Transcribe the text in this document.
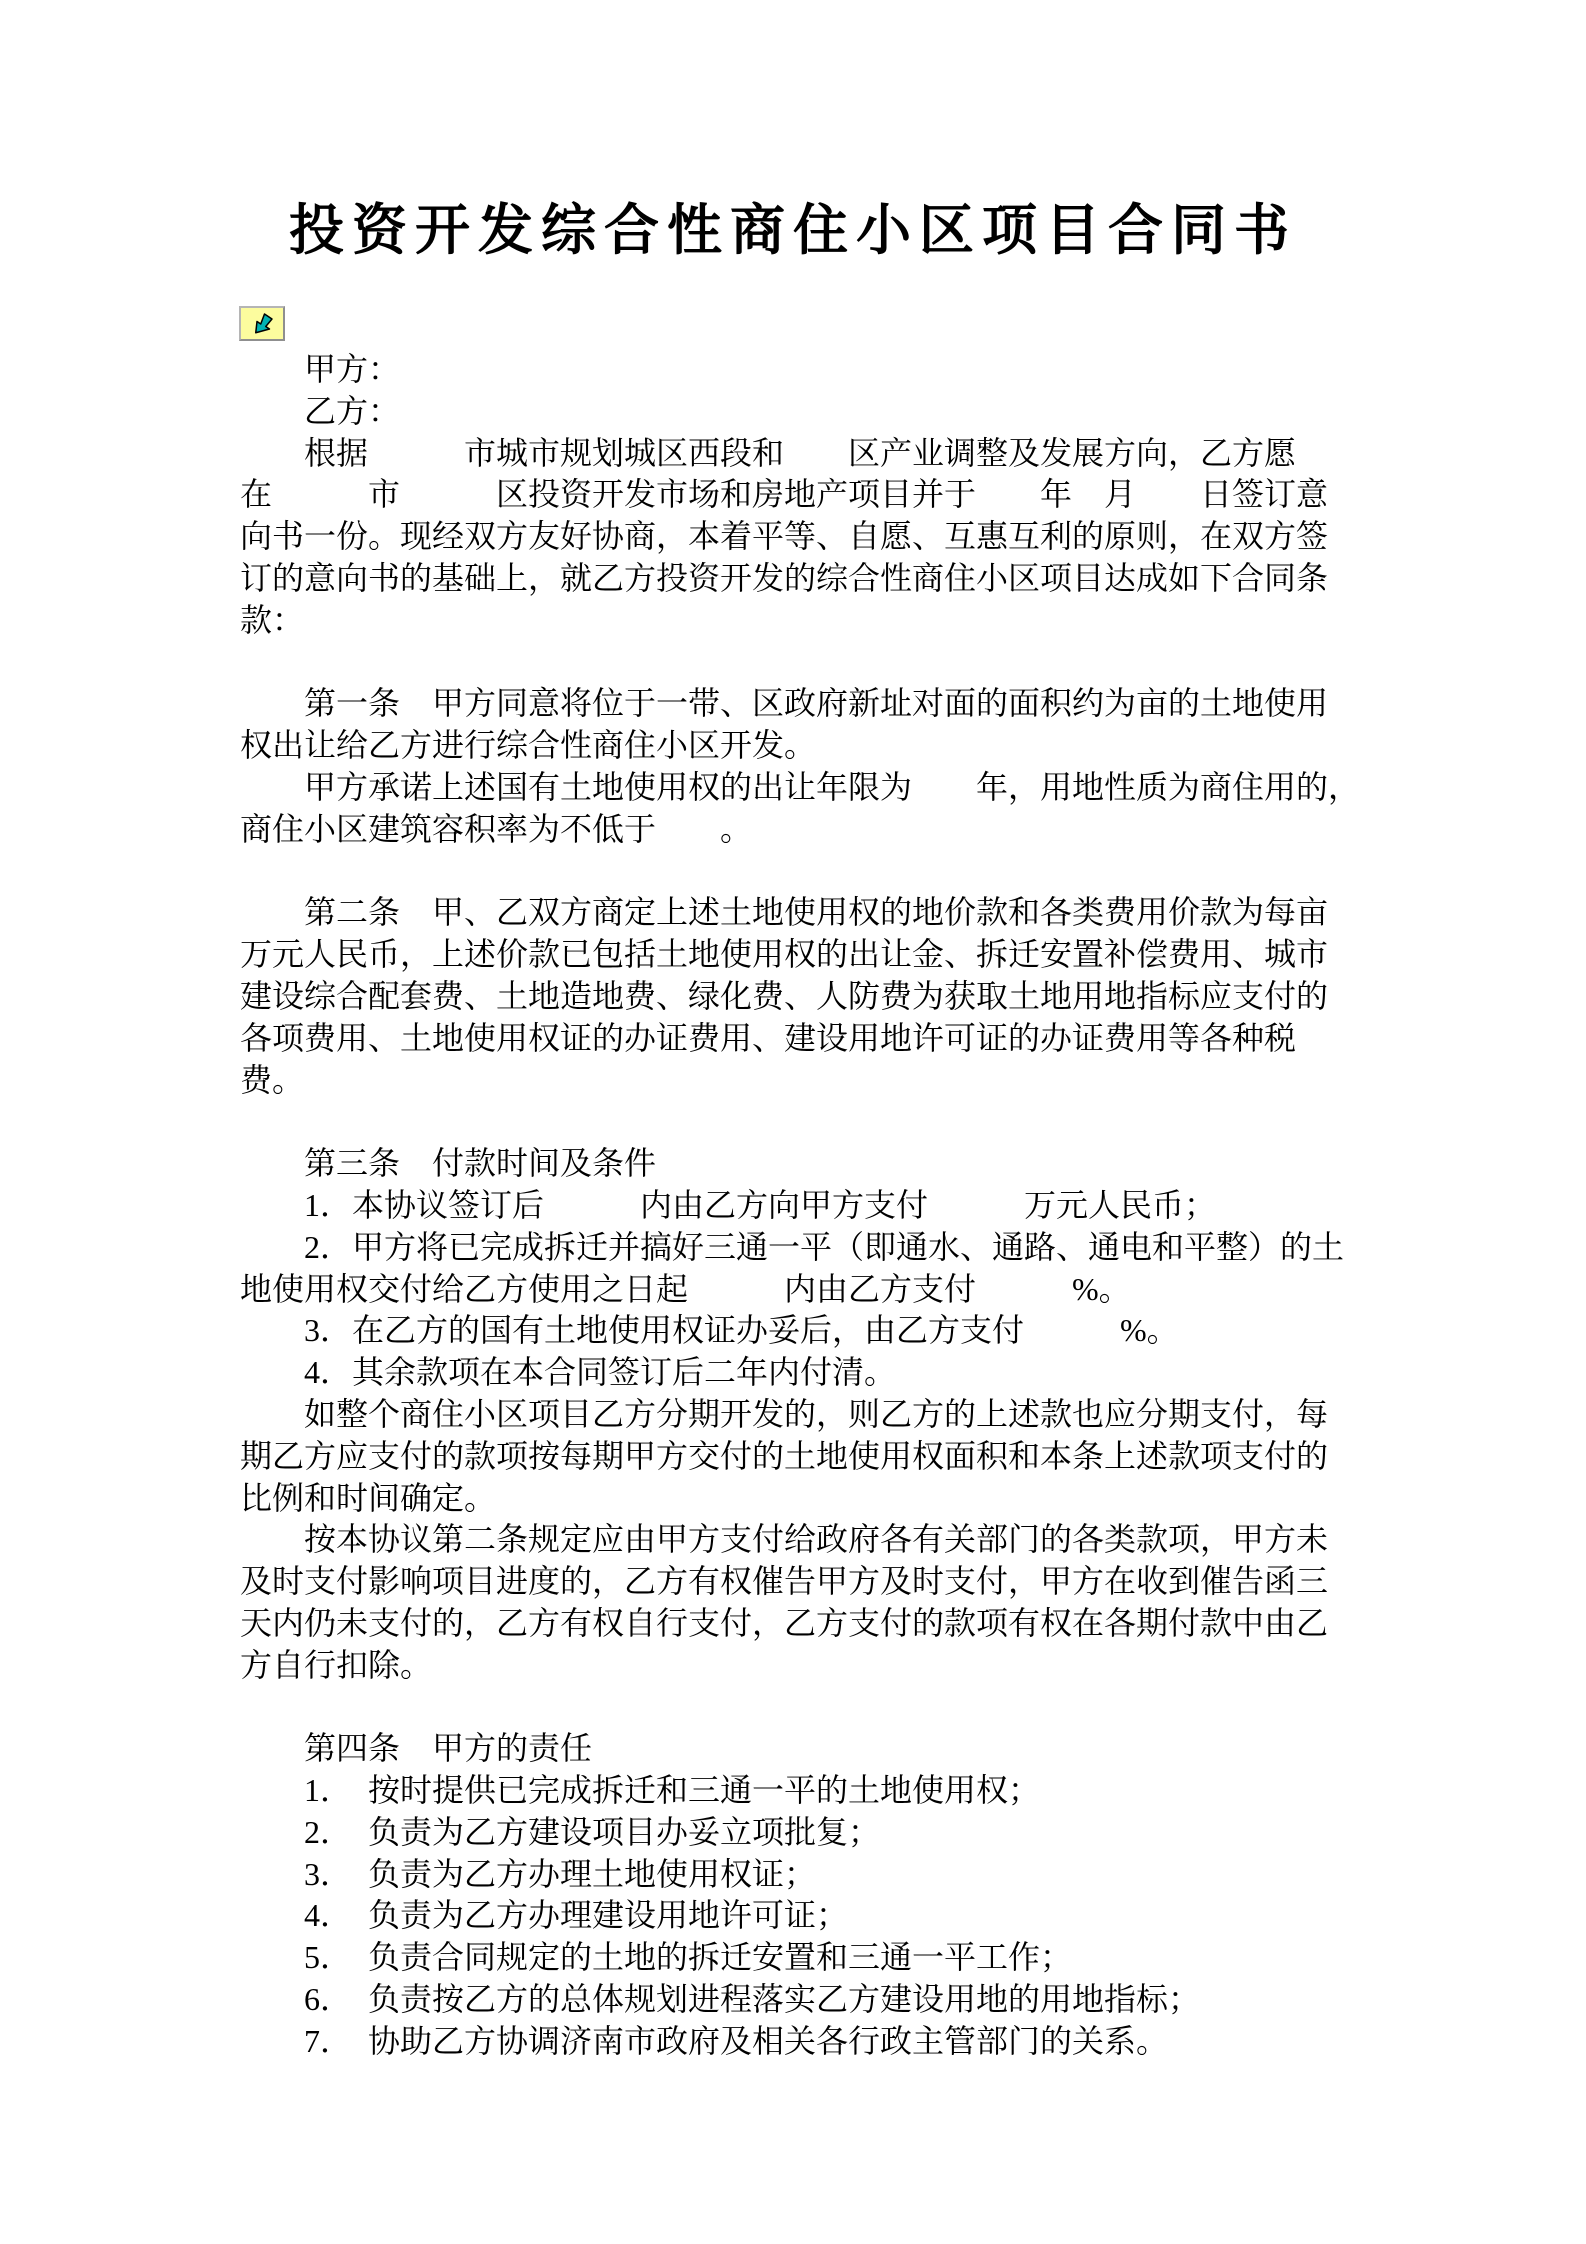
投资开发综合性商住小区项目合同书
甲方：
乙方：
根据　　　市城市规划城区西段和　　区产业调整及发展方向，乙方愿
在　　　市　　　区投资开发市场和房地产项目并于　　年　月　　日签订意
向书一份。现经双方友好协商，本着平等、自愿、互惠互利的原则，在双方签
订的意向书的基础上，就乙方投资开发的综合性商住小区项目达成如下合同条
款：
第一条　甲方同意将位于一带、区政府新址对面的面积约为亩的土地使用
权出让给乙方进行综合性商住小区开发。
甲方承诺上述国有土地使用权的出让年限为　　年，用地性质为商住用的，
商住小区建筑容积率为不低于　　。
第二条　甲、乙双方商定上述土地使用权的地价款和各类费用价款为每亩
万元人民币，上述价款已包括土地使用权的出让金、拆迁安置补偿费用、城市
建设综合配套费、土地造地费、绿化费、人防费为获取土地用地指标应支付的
各项费用、土地使用权证的办证费用、建设用地许可证的办证费用等各种税
费。
第三条　付款时间及条件
1．本协议签订后　　　内由乙方向甲方支付　　　万元人民币；
2．甲方将已完成拆迁并搞好三通一平（即通水、通路、通电和平整）的土
地使用权交付给乙方使用之日起　　　内由乙方支付　　　%。
3．在乙方的国有土地使用权证办妥后，由乙方支付　　　%。
4．其余款项在本合同签订后二年内付清。
如整个商住小区项目乙方分期开发的，则乙方的上述款也应分期支付，每
期乙方应支付的款项按每期甲方交付的土地使用权面积和本条上述款项支付的
比例和时间确定。
按本协议第二条规定应由甲方支付给政府各有关部门的各类款项，甲方未
及时支付影响项目进度的，乙方有权催告甲方及时支付，甲方在收到催告函三
天内仍未支付的，乙方有权自行支付，乙方支付的款项有权在各期付款中由乙
方自行扣除。
第四条　甲方的责任
1．　按时提供已完成拆迁和三通一平的土地使用权；
2．　负责为乙方建设项目办妥立项批复；
3．　负责为乙方办理土地使用权证；
4．　负责为乙方办理建设用地许可证；
5．　负责合同规定的土地的拆迁安置和三通一平工作；
6．　负责按乙方的总体规划进程落实乙方建设用地的用地指标；
7．　协助乙方协调济南市政府及相关各行政主管部门的关系。
